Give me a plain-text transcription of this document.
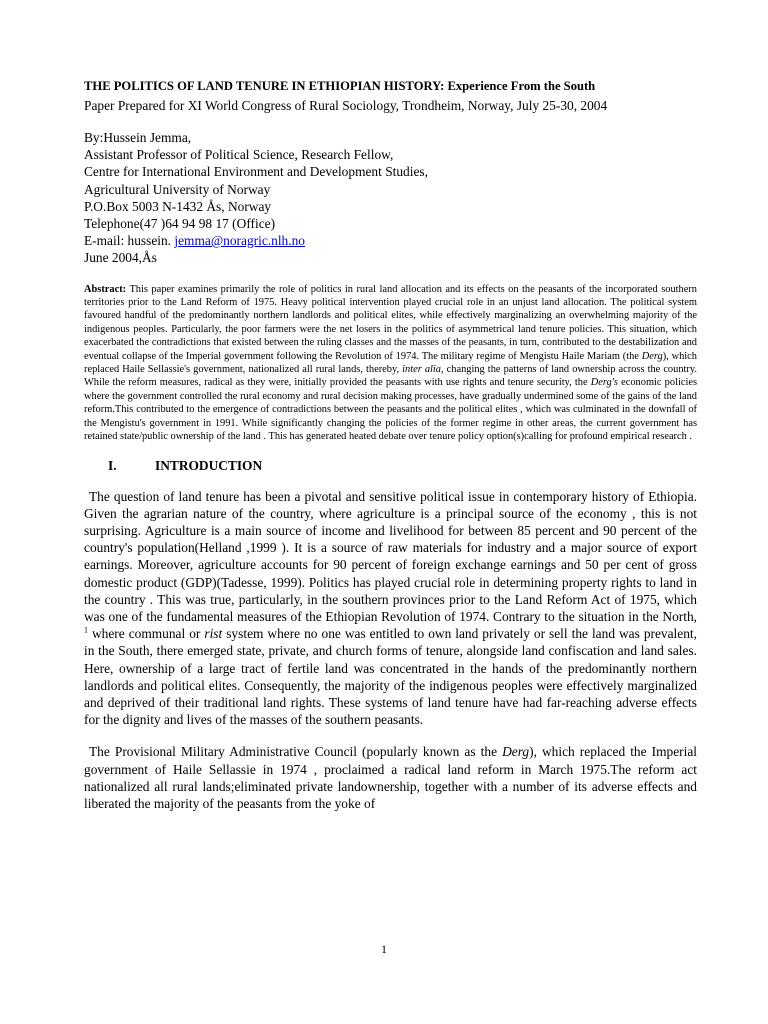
THE POLITICS OF LAND TENURE IN ETHIOPIAN HISTORY: Experience From the South

Paper Prepared for XI World Congress of Rural Sociology, Trondheim, Norway, July 25-30, 2004

By:Hussein Jemma,
Assistant Professor of Political Science, Research Fellow,
Centre for International Environment and Development Studies,
Agricultural University of Norway
P.O.Box 5003 N-1432 Ås, Norway
Telephone(47 )64 94 98 17 (Office)
E-mail: hussein. jemma@noragric.nlh.no
June 2004,Ås
Abstract: This paper examines primarily the role of politics in rural land allocation and its effects on the peasants of the incorporated southern territories prior to the Land Reform of 1975. Heavy political intervention played crucial role in an unjust land allocation. The political system favoured handful of the predominantly northern landlords and political elites, while effectively marginalizing an overwhelming majority of the indigenous peoples. Particularly, the poor farmers were the net losers in the politics of asymmetrical land tenure policies. This situation, which exacerbated the contradictions that existed between the ruling classes and the masses of the peasants, in turn, contributed to the destabilization and eventual collapse of the Imperial government following the Revolution of 1974. The military regime of Mengistu Haile Mariam (the Derg), which replaced Haile Sellassie's government, nationalized all rural lands, thereby, inter alia, changing the patterns of land ownership across the country. While the reform measures, radical as they were, initially provided the peasants with use rights and tenure security, the Derg's economic policies where the government controlled the rural economy and rural decision making processes, have gradually undermined some of the gains of the land reform.This contributed to the emergence of contradictions between the peasants and the political elites , which was culminated in the downfall of the Mengistu's government in 1991. While significantly changing the policies of the former regime in other areas, the current government has retained state/public ownership of the land . This has generated heated debate over tenure policy option(s)calling for profound empirical research .
I.	INTRODUCTION

The question of land tenure has been a pivotal and sensitive political issue in contemporary history of Ethiopia. Given the agrarian nature of the country, where agriculture is a principal source of the economy , this is not surprising. Agriculture is a main source of income and livelihood for between 85 percent and 90 percent of the country's population(Helland ,1999 ). It is a source of raw materials for industry and a major source of export earnings. Moreover, agriculture accounts for 90 percent of foreign exchange earnings and 50 per cent of gross domestic product (GDP)(Tadesse, 1999). Politics has played crucial role in determining property rights to land in the country . This was true, particularly, in the southern provinces prior to the Land Reform Act of 1975, which was one of the fundamental measures of the Ethiopian Revolution of 1974. Contrary to the situation in the North, $^1$ where communal or rist system where no one was entitled to own land privately or sell the land was prevalent, in the South, there emerged state, private, and church forms of tenure, alongside land confiscation and land sales. Here, ownership of a large tract of fertile land was concentrated in the hands of the predominantly northern landlords and political elites. Consequently, the majority of the indigenous peoples were effectively marginalized and deprived of their traditional land rights. These systems of land tenure have had far-reaching adverse effects for the dignity and lives of the masses of the southern peasants.

The Provisional Military Administrative Council (popularly known as the Derg), which replaced the Imperial government of Haile Sellassie in 1974 , proclaimed a radical land reform in March 1975.The reform act nationalized all rural lands;eliminated private landownership, together with a number of its adverse effects and liberated the majority of the peasants from the yoke of

1
